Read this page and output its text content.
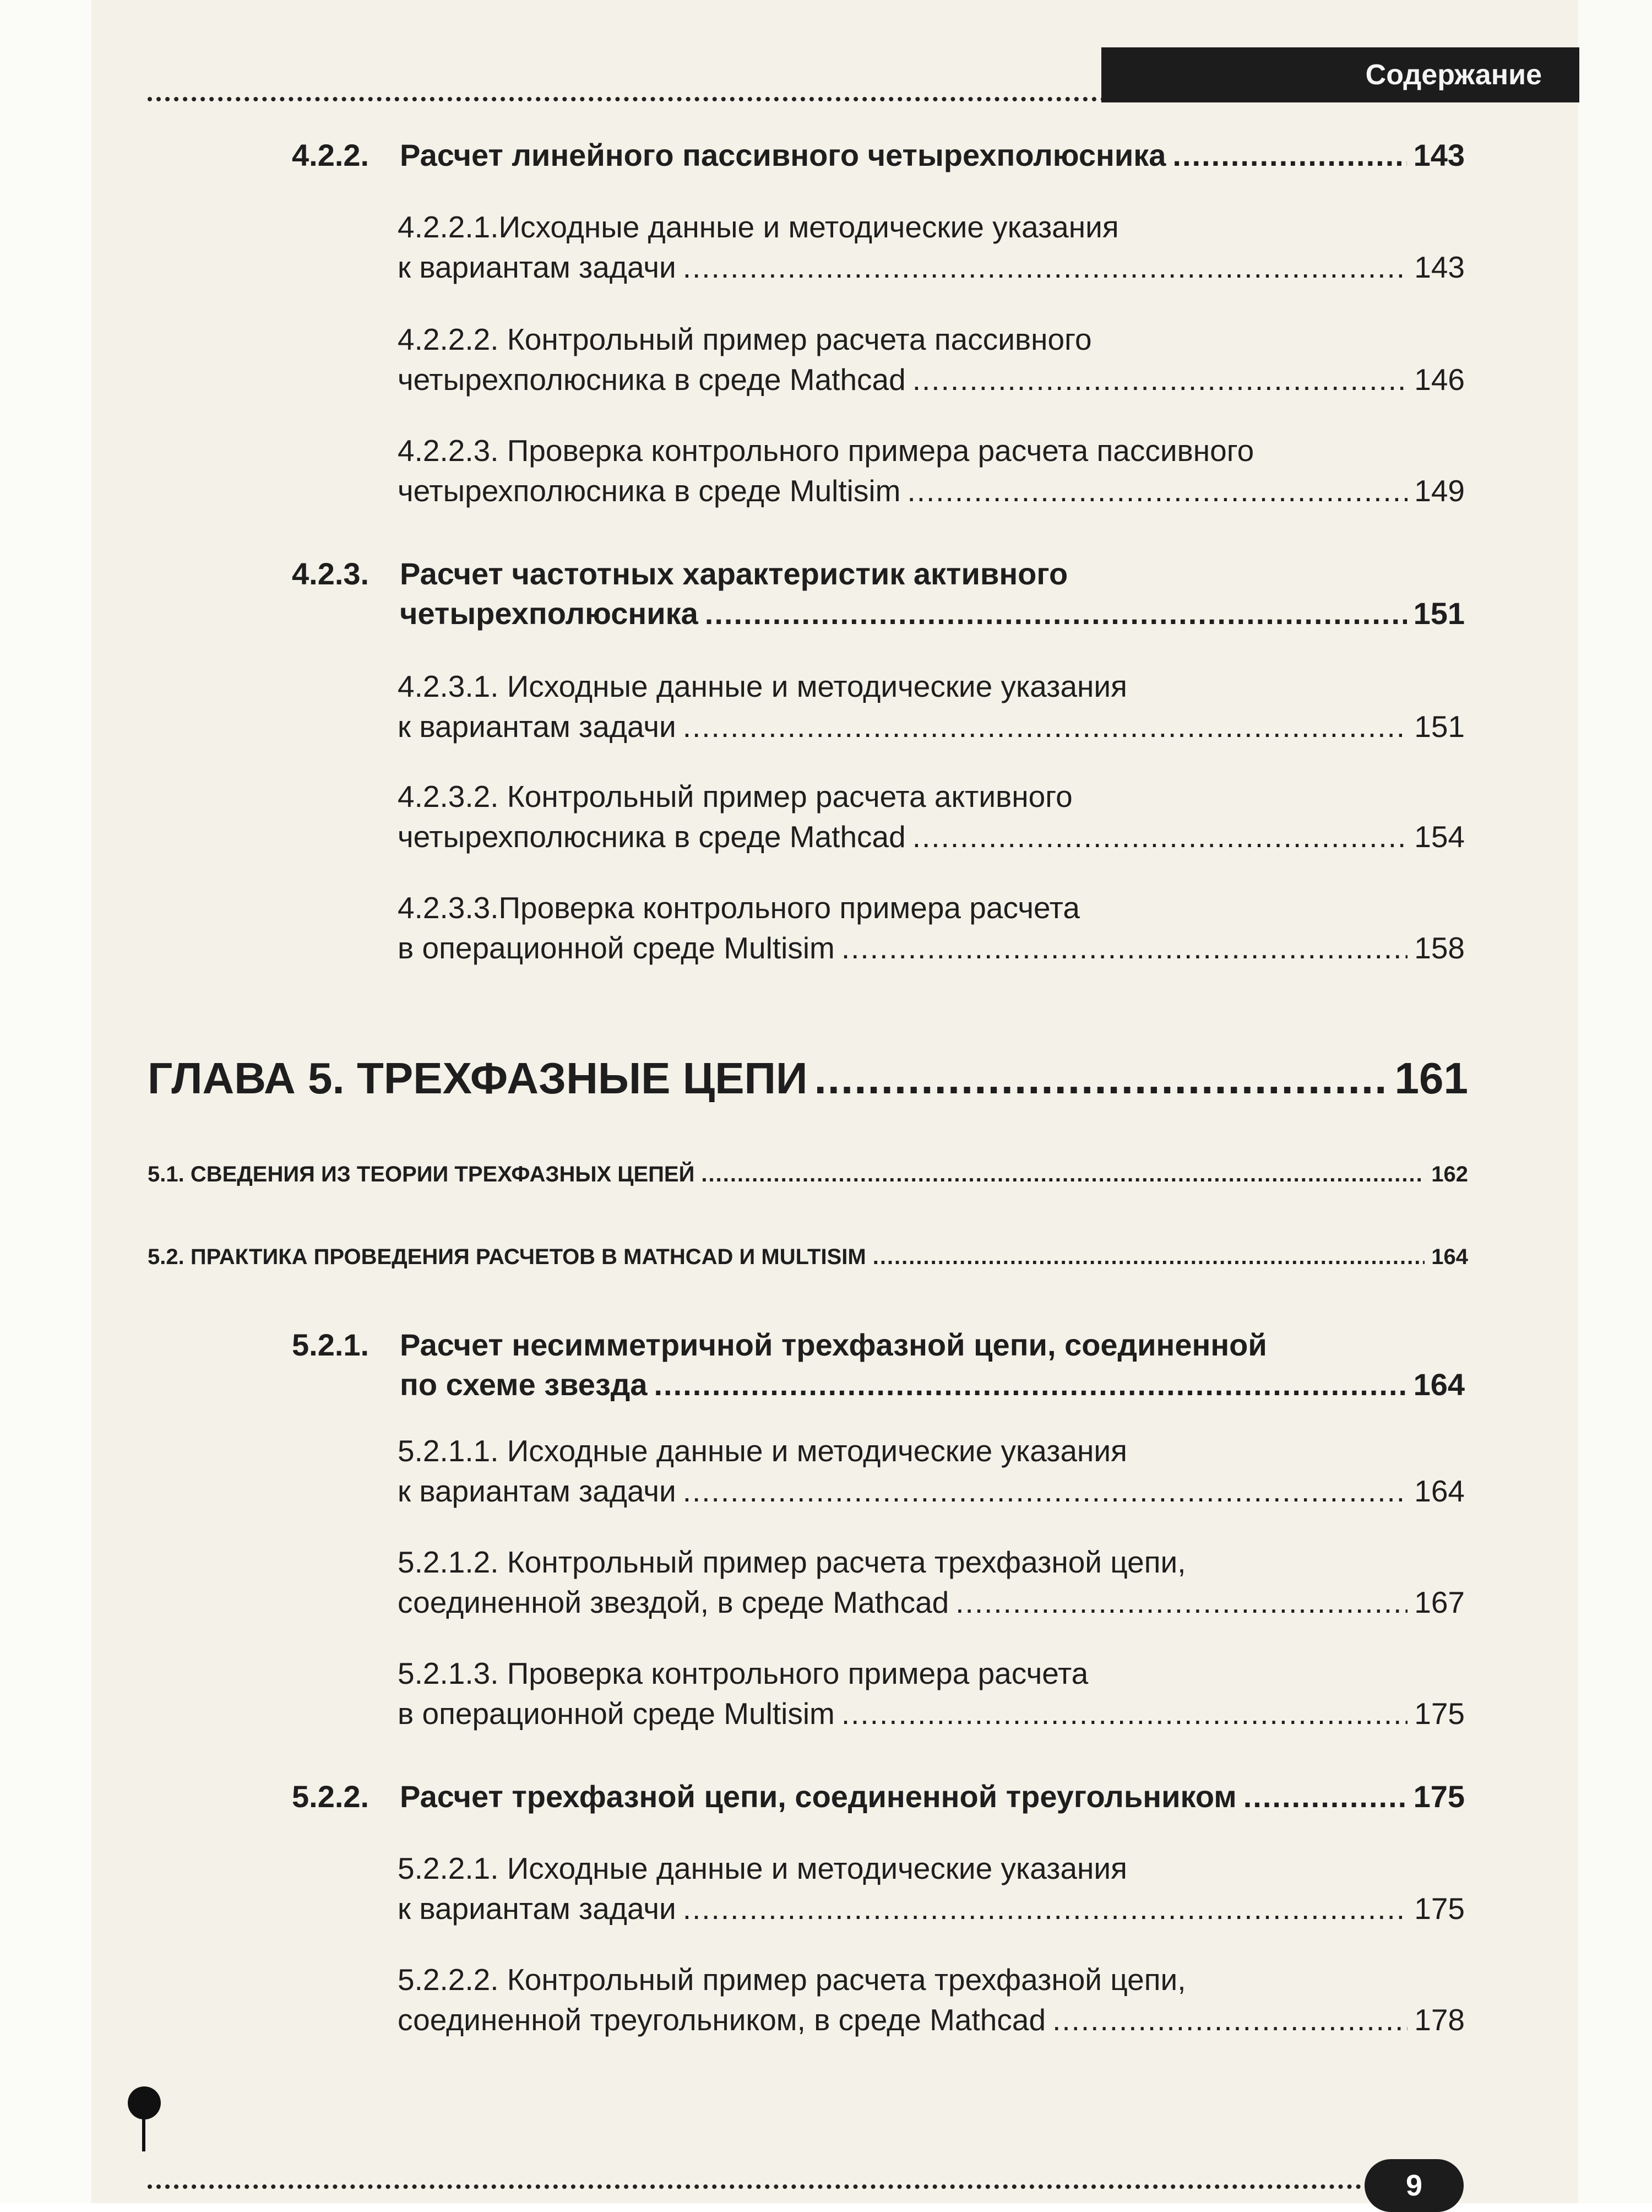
Содержание
4.2.2. Расчет линейного пассивного четырехполюсника .....	143
4.2.2.1.Исходные данные и методические указания
к вариантам задачи .....	143
4.2.2.2. Контрольный пример расчета пассивного
четырехполюсника в среде Mathcad .....	146
4.2.2.3. Проверка контрольного примера расчета пассивного
четырехполюсника в среде Multisim .....	149
4.2.3. Расчет частотных характеристик активного
четырехполюсника .....	151
4.2.3.1. Исходные данные и методические указания
к вариантам задачи .....	151
4.2.3.2. Контрольный пример расчета активного
четырехполюсника в среде Mathcad .....	154
4.2.3.3.Проверка контрольного примера расчета
в операционной среде Multisim .....	158
ГЛАВА 5. ТРЕХФАЗНЫЕ ЦЕПИ .....	161
5.1. СВЕДЕНИЯ ИЗ ТЕОРИИ ТРЕХФАЗНЫХ ЦЕПЕЙ .....	162
5.2. ПРАКТИКА ПРОВЕДЕНИЯ РАСЧЕТОВ В MATHCAD И MULTISIM .....	164
5.2.1. Расчет несимметричной трехфазной цепи, соединенной
по схеме звезда .....	164
5.2.1.1. Исходные данные и методические указания
к вариантам задачи .....	164
5.2.1.2. Контрольный пример расчета трехфазной цепи,
соединенной звездой, в среде Mathcad .....	167
5.2.1.3. Проверка контрольного примера расчета
в операционной среде Multisim .....	175
5.2.2. Расчет трехфазной цепи, соединенной треугольником .....	175
5.2.2.1. Исходные данные и методические указания
к вариантам задачи .....	175
5.2.2.2. Контрольный пример расчета трехфазной цепи,
соединенной треугольником, в среде Mathcad .....	178
9
